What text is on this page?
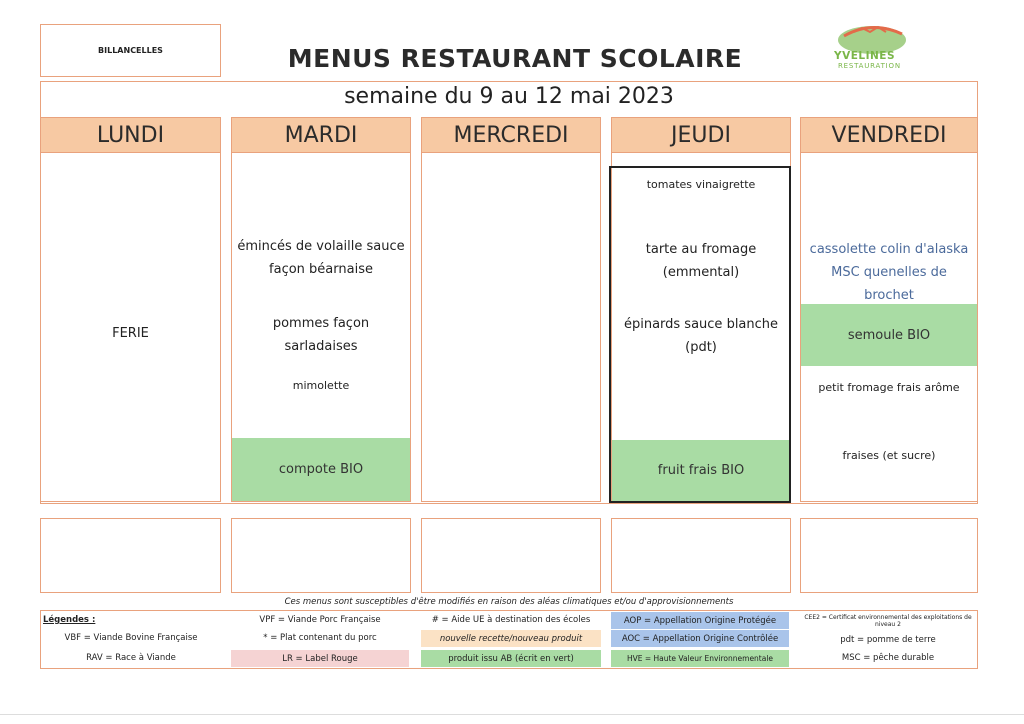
BILLANCELLES	MENUS RESTAURANT SCOLAIRE	YVELINES
RESTAURATION
semaine du 9 au 12 mai 2023
LUNDI
FERIE
MARDI
émincés de volaille sauce façon béarnaise
pommes façon sarladaises
mimolette
compote BIO
MERCREDI	JEUDI
tomates vinaigrette
tarte au fromage (emmental)
épinards sauce blanche (pdt)
fruit frais BIO
VENDREDI
cassolette colin d'alaska MSC quenelles de brochet
semoule BIO
petit fromage frais arôme
fraises (et sucre)
Ces menus sont susceptibles d'être modifiés en raison des aléas climatiques et/ou d'approvisionnements
Légendes :
VBF = Viande Bovine Française
RAV = Race à Viande
VPF = Viande Porc Française
* = Plat contenant du porc
LR = Label Rouge
# = Aide UE à destination des écoles
nouvelle recette/nouveau produit
produit issu AB (écrit en vert)
AOP = Appellation Origine Protégée
AOC = Appellation Origine Contrôlée
HVE = Haute Valeur Environnementale
CEE2 = Certificat environnemental des exploitations de niveau 2
pdt = pomme de terre
MSC = pêche durable
